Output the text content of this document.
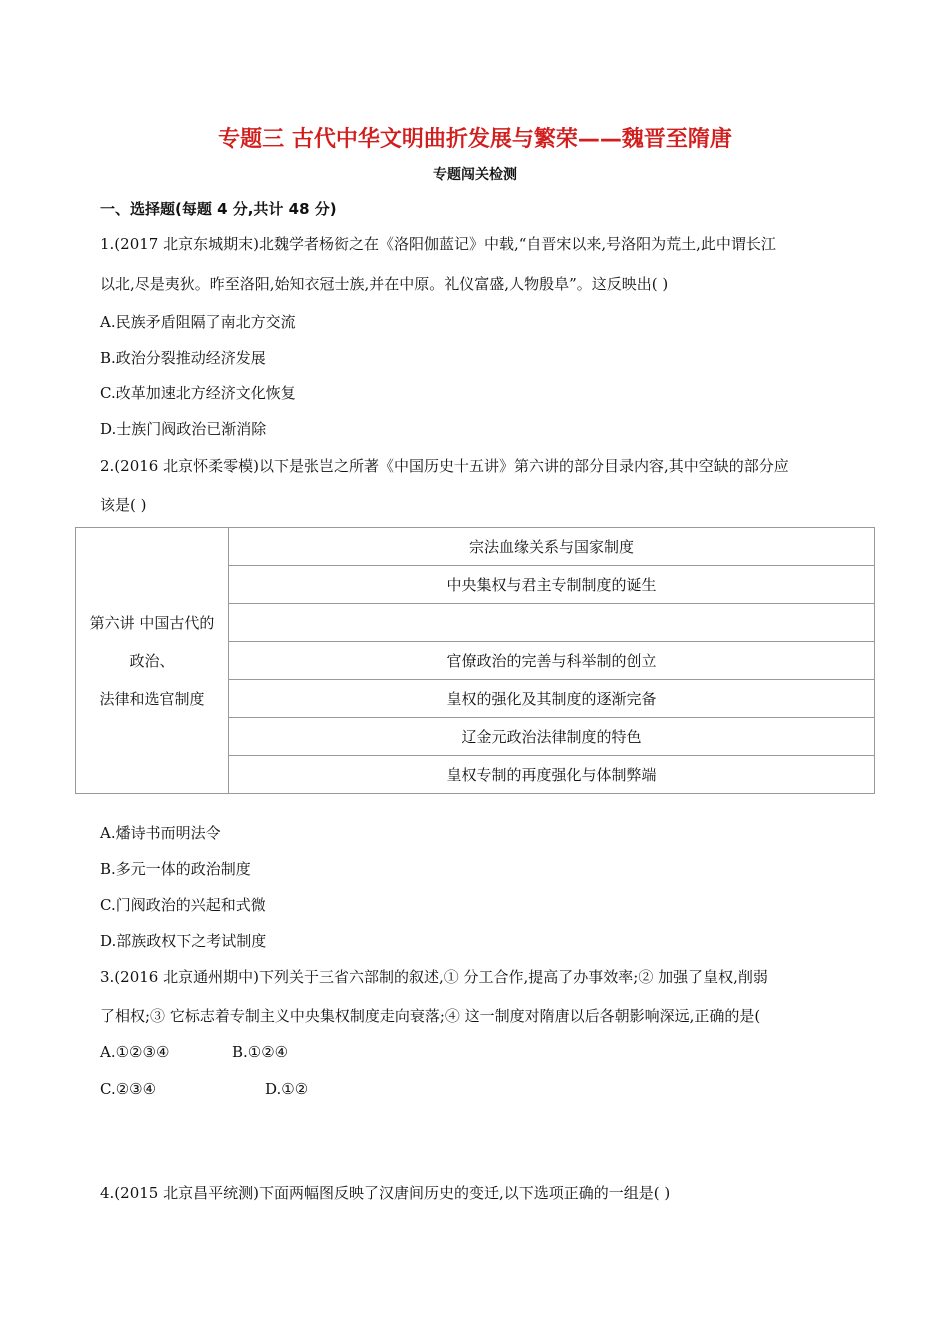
专题三 古代中华文明曲折发展与繁荣——魏晋至隋唐
专题闯关检测
一、选择题(每题 4 分,共计 48 分)
1.(2017 北京东城期末)北魏学者杨衒之在《洛阳伽蓝记》中载,“自晋宋以来,号洛阳为荒土,此中谓长江
以北,尽是夷狄。昨至洛阳,始知衣冠士族,并在中原。礼仪富盛,人物殷阜”。这反映出( )
A.民族矛盾阻隔了南北方交流
B.政治分裂推动经济发展
C.改革加速北方经济文化恢复
D.士族门阀政治已渐消除
2.(2016 北京怀柔零模)以下是张岂之所著《中国历史十五讲》第六讲的部分目录内容,其中空缺的部分应
该是( )
第六讲 中国古代的
政治、
法律和选官制度
	宗法血缘关系与国家制度
中央集权与君主专制制度的诞生

官僚政治的完善与科举制的创立
皇权的强化及其制度的逐渐完备
辽金元政治法律制度的特色
皇权专制的再度强化与体制弊端
A.燔诗书而明法令
B.多元一体的政治制度
C.门阀政治的兴起和式微
D.部族政权下之考试制度
3.(2016 北京通州期中)下列关于三省六部制的叙述,① 分工合作,提高了办事效率;② 加强了皇权,削弱
了相权;③ 它标志着专制主义中央集权制度走向衰落;④ 这一制度对隋唐以后各朝影响深远,正确的是(
A.①②③④	B.①②④
C.②③④	D.①②
4.(2015 北京昌平统测)下面两幅图反映了汉唐间历史的变迁,以下选项正确的一组是( )
